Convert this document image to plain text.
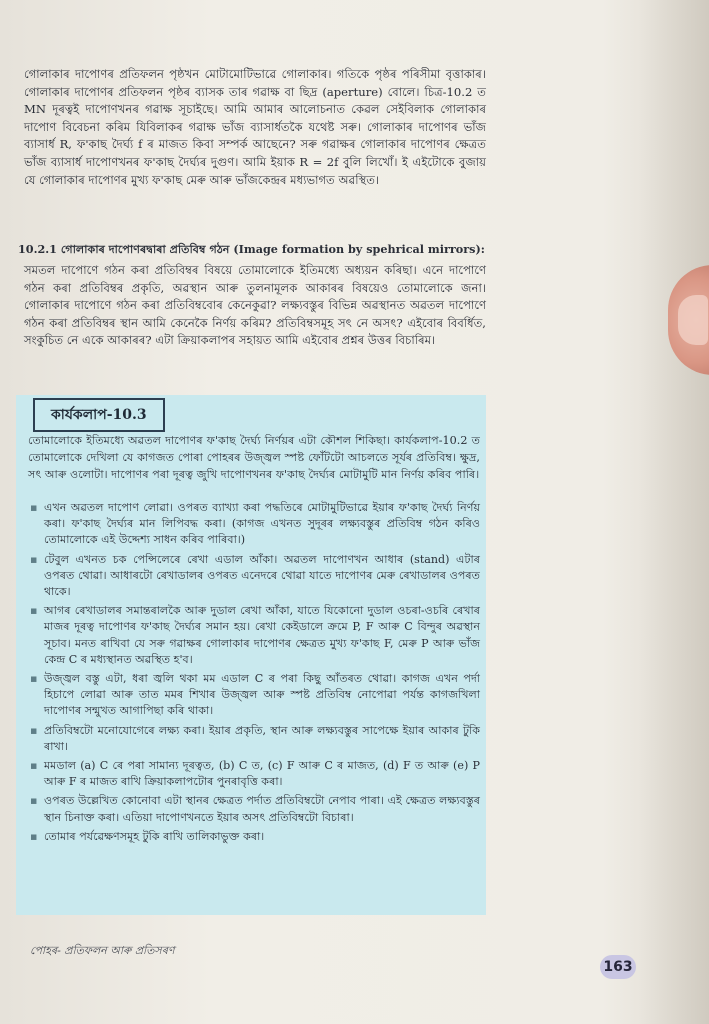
গোলাকাৰ দাপোণৰ প্ৰতিফলন পৃষ্ঠখন মোটামোটিভাৱে গোলাকাৰ। গতিকে পৃষ্ঠৰ পৰিসীমা বৃত্তাকাৰ। গোলাকাৰ দাপোণৰ প্ৰতিফলন পৃষ্ঠৰ ব্যাসক তাৰ গৱাক্ষ বা ছিদ্ৰ (aperture) বোলে। চিত্ৰ-10.2 ত MN দূৰত্বই দাপোণখনৰ গৱাক্ষ সূচাইছে। আমি আমাৰ আলোচনাত কেৱল সেইবিলাক গোলাকাৰ দাপোণ বিবেচনা কৰিম যিবিলাকৰ গৱাক্ষ ভাঁজ ব্যাসাৰ্ধতকৈ যথেষ্ট সৰু। গোলাকাৰ দাপোণৰ ভাঁজ ব্যাসাৰ্ধ R, ফ'কাছ দৈৰ্ঘ্য f ৰ মাজত কিবা সম্পৰ্ক আছেনে? সৰু গৱাক্ষৰ গোলাকাৰ দাপোণৰ ক্ষেত্ৰত ভাঁজ ব্যাসাৰ্ধ দাপোণখনৰ ফ'কাছ দৈৰ্ঘ্যৰ দুগুণ। আমি ইয়াক R = 2f বুলি লিখোঁ। ই এইটোকে বুজায় যে গোলাকাৰ দাপোণৰ মুখ্য ফ'কাছ মেৰু আৰু ভাঁজকেন্দ্ৰৰ মধ্যভাগত অৱস্থিত।

10.2.1 গোলাকাৰ দাপোণৰদ্বাৰা প্ৰতিবিম্ব গঠন (Image formation by spehrical mirrors):

সমতল দাপোণে গঠন কৰা প্ৰতিবিম্বৰ বিষয়ে তোমালোকে ইতিমধ্যে অধ্যয়ন কৰিছা। এনে দাপোণে গঠন কৰা প্ৰতিবিম্বৰ প্ৰকৃতি, অৱস্থান আৰু তুলনামূলক আকাৰৰ বিষয়েও তোমালোকে জনা। গোলাকাৰ দাপোণে গঠন কৰা প্ৰতিবিম্ববোৰ কেনেকুৱা? লক্ষ্যবস্তুৰ বিভিন্ন অৱস্থানত অৱতল দাপোণে গঠন কৰা প্ৰতিবিম্বৰ স্থান আমি কেনেকৈ নিৰ্ণয় কৰিম? প্ৰতিবিম্বসমূহ সৎ নে অসৎ? এইবোৰ বিবৰ্ধিত, সংকুচিত নে একে আকাৰৰ? এটা ক্ৰিয়াকলাপৰ সহায়ত আমি এইবোৰ প্ৰশ্নৰ উত্তৰ বিচাৰিম।

কাৰ্যকলাপ-10.3

তোমালোকে ইতিমধ্যে অৱতল দাপোণৰ ফ'কাছ দৈৰ্ঘ্য নিৰ্ণয়ৰ এটা কৌশল শিকিছা। কাৰ্যকলাপ-10.2 ত তোমালোকে দেখিলা যে কাগজত পোৰা পোহৰৰ উজ্জ্বল স্পষ্ট ফোঁটটো আচলতে সূৰ্যৰ প্ৰতিবিম্ব। ক্ষুদ্ৰ, সৎ আৰু ওলোটা। দাপোণৰ পৰা দূৰত্ব জুখি দাপোণখনৰ ফ'কাছ দৈৰ্ঘ্যৰ মোটামুটি মান নিৰ্ণয় কৰিব পাৰি।

▪ এখন অৱতল দাপোণ লোৱা। ওপৰত ব্যাখ্যা কৰা পদ্ধতিৰে মোটামুটিভাৱে ইয়াৰ ফ'কাছ দৈৰ্ঘ্য নিৰ্ণয় কৰা। ফ'কাছ দৈৰ্ঘ্যৰ মান লিপিবদ্ধ কৰা। (কাগজ এখনত সুদূৰৰ লক্ষ্যবস্তুৰ প্ৰতিবিম্ব গঠন কৰিও তোমালোকে এই উদ্দেশ্য সাধন কৰিব পাৰিবা।)
▪ টেবুল এখনত চক পেন্সিলেৰে ৰেখা এডাল আঁকা। অৱতল দাপোণখন আধাৰ (stand) এটাৰ ওপৰত থোৱা। আধাৰটো ৰেখাডালৰ ওপৰত এনেদৰে থোৱা যাতে দাপোণৰ মেৰু ৰেখাডালৰ ওপৰত থাকে।
▪ আগৰ ৰেখাডালৰ সমান্তৰালকৈ আৰু দুডাল ৰেখা আঁকা, যাতে যিকোনো দুডাল ওচৰা-ওচৰি ৰেখাৰ মাজৰ দূৰত্ব দাপোণৰ ফ'কাছ দৈৰ্ঘ্যৰ সমান হয়। ৰেখা কেইডালে ক্ৰমে P, F আৰু C বিন্দুৰ অৱস্থান সূচাব। মনত ৰাখিবা যে সৰু গৱাক্ষৰ গোলাকাৰ দাপোণৰ ক্ষেত্ৰত মুখ্য ফ'কাছ F, মেৰু P আৰু ভাঁজ কেন্দ্ৰ C ৰ মধ্যস্থানত অৱস্থিত হ'ব।
▪ উজ্জ্বল বস্তু এটা, ধৰা জ্বলি থকা মম এডাল C ৰ পৰা কিছু আঁতৰত থোৱা। কাগজ এখন পৰ্দা হিচাপে লোৱা আৰু তাত মমৰ শিখাৰ উজ্জ্বল আৰু স্পষ্ট প্ৰতিবিম্ব নোপোৱা পৰ্যন্ত কাগজখিলা দাপোণৰ সন্মুখত আগাপিছা কৰি থাকা।
▪ প্ৰতিবিম্বটো মনোযোগেৰে লক্ষ্য কৰা। ইয়াৰ প্ৰকৃতি, স্থান আৰু লক্ষ্যবস্তুৰ সাপেক্ষে ইয়াৰ আকাৰ টুকি ৰাখা।
▪ মমডাল (a) C ৰে পৰা সামান্য দূৰত্বত, (b) C ত, (c) F আৰু C ৰ মাজত, (d) F ত আৰু (e) P আৰু F ৰ মাজত ৰাখি ক্ৰিয়াকলাপটোৰ পুনৰাবৃত্তি কৰা।
▪ ওপৰত উল্লেখিত কোনোবা এটা স্থানৰ ক্ষেত্ৰত পৰ্দাত প্ৰতিবিম্বটো নেপাব পাৰা। এই ক্ষেত্ৰত লক্ষ্যবস্তুৰ স্থান চিনাক্ত কৰা। এতিয়া দাপোণখনতে ইয়াৰ অসৎ প্ৰতিবিম্বটো বিচাৰা।
▪ তোমাৰ পৰ্যৱেক্ষণসমূহ টুকি ৰাখি তালিকাভুক্ত কৰা।
পোহৰ- প্ৰতিফলন আৰু প্ৰতিসৰণ
163
